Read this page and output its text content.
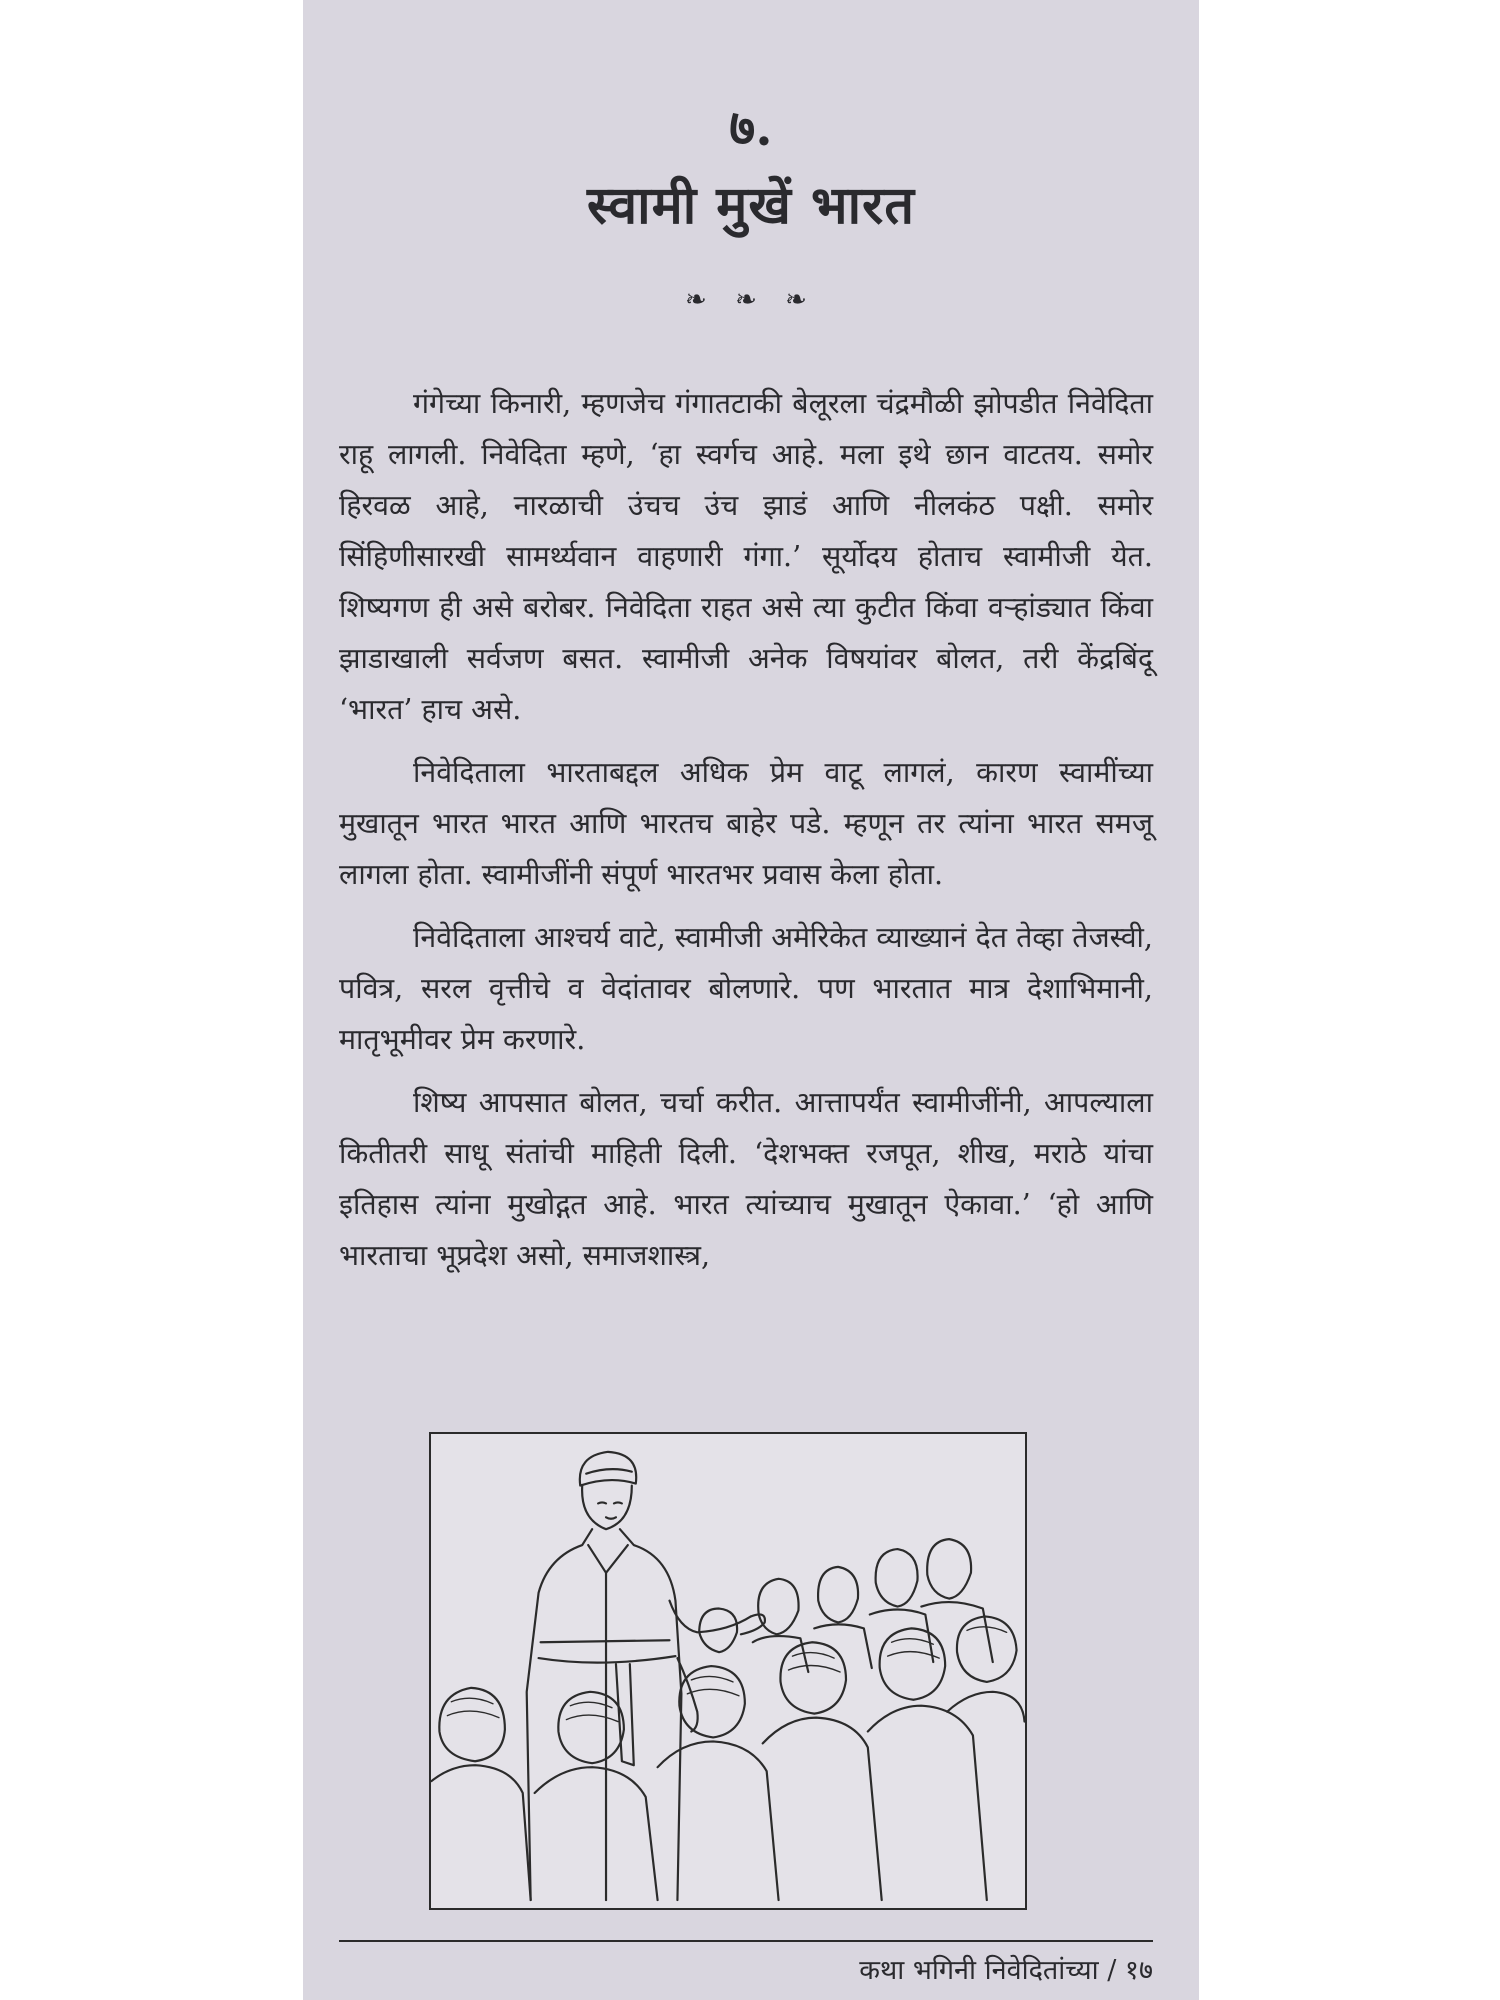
७.
स्वामी मुखें भारत
❧ ❧ ❧

गंगेच्या किनारी, म्हणजेच गंगातटाकी बेलूरला चंद्रमौळी झोपडीत निवेदिता राहू लागली. निवेदिता म्हणे, ‘हा स्वर्गच आहे. मला इथे छान वाटतय. समोर हिरवळ आहे, नारळाची उंचच उंच झाडं आणि नीलकंठ पक्षी. समोर सिंहिणीसारखी सामर्थ्यवान वाहणारी गंगा.’ सूर्योदय होताच स्वामीजी येत. शिष्यगण ही असे बरोबर. निवेदिता राहत असे त्या कुटीत किंवा वऱ्हांड्यात किंवा झाडाखाली सर्वजण बसत. स्वामीजी अनेक विषयांवर बोलत, तरी केंद्रबिंदू ‘भारत’ हाच असे.

निवेदिताला भारताबद्दल अधिक प्रेम वाटू लागलं, कारण स्वामींच्या मुखातून भारत भारत आणि भारतच बाहेर पडे. म्हणून तर त्यांना भारत समजू लागला होता. स्वामीजींनी संपूर्ण भारतभर प्रवास केला होता.

निवेदिताला आश्चर्य वाटे, स्वामीजी अमेरिकेत व्याख्यानं देत तेव्हा तेजस्वी, पवित्र, सरल वृत्तीचे व वेदांतावर बोलणारे. पण भारतात मात्र देशाभिमानी, मातृभूमीवर प्रेम करणारे.

शिष्य आपसात बोलत, चर्चा करीत. आत्तापर्यंत स्वामीजींनी, आपल्याला कितीतरी साधू संतांची माहिती दिली. ‘देशभक्त रजपूत, शीख, मराठे यांचा इतिहास त्यांना मुखोद्गत आहे. भारत त्यांच्याच मुखातून ऐकावा.’ ‘हो आणि भारताचा भूप्रदेश असो, समाजशास्त्र,

कथा भगिनी निवेदितांच्या / १७
